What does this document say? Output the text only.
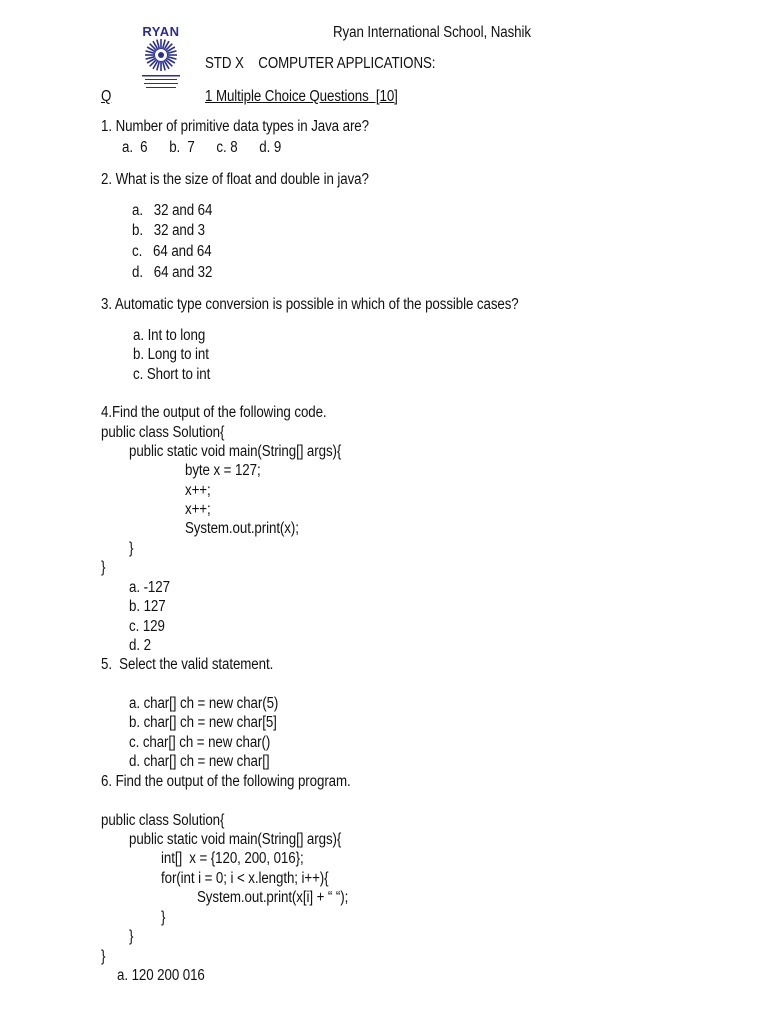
RYAN	Ryan International School, Nashik
STD X    COMPUTER APPLICATIONS:
Q	1 Multiple Choice Questions  [10]
1. Number of primitive data types in Java are?
a.  6      b.  7      c. 8      d. 9
2. What is the size of float and double in java?
a.   32 and 64
b.   32 and 3
c.   64 and 64
d.   64 and 32
3. Automatic type conversion is possible in which of the possible cases?
a. Int to long
b. Long to int
c. Short to int
4.Find the output of the following code.
public class Solution{
public static void main(String[] args){
byte x = 127;
x++;
x++;
System.out.print(x);
}
}
a. -127
b. 127
c. 129
d. 2
5.  Select the valid statement.
a. char[] ch = new char(5)
b. char[] ch = new char[5]
c. char[] ch = new char()
d. char[] ch = new char[]
6. Find the output of the following program.
public class Solution{
public static void main(String[] args){
int[]  x = {120, 200, 016};
for(int i = 0; i < x.length; i++){
System.out.print(x[i] + “ “);
}
}
}
a. 120 200 016
